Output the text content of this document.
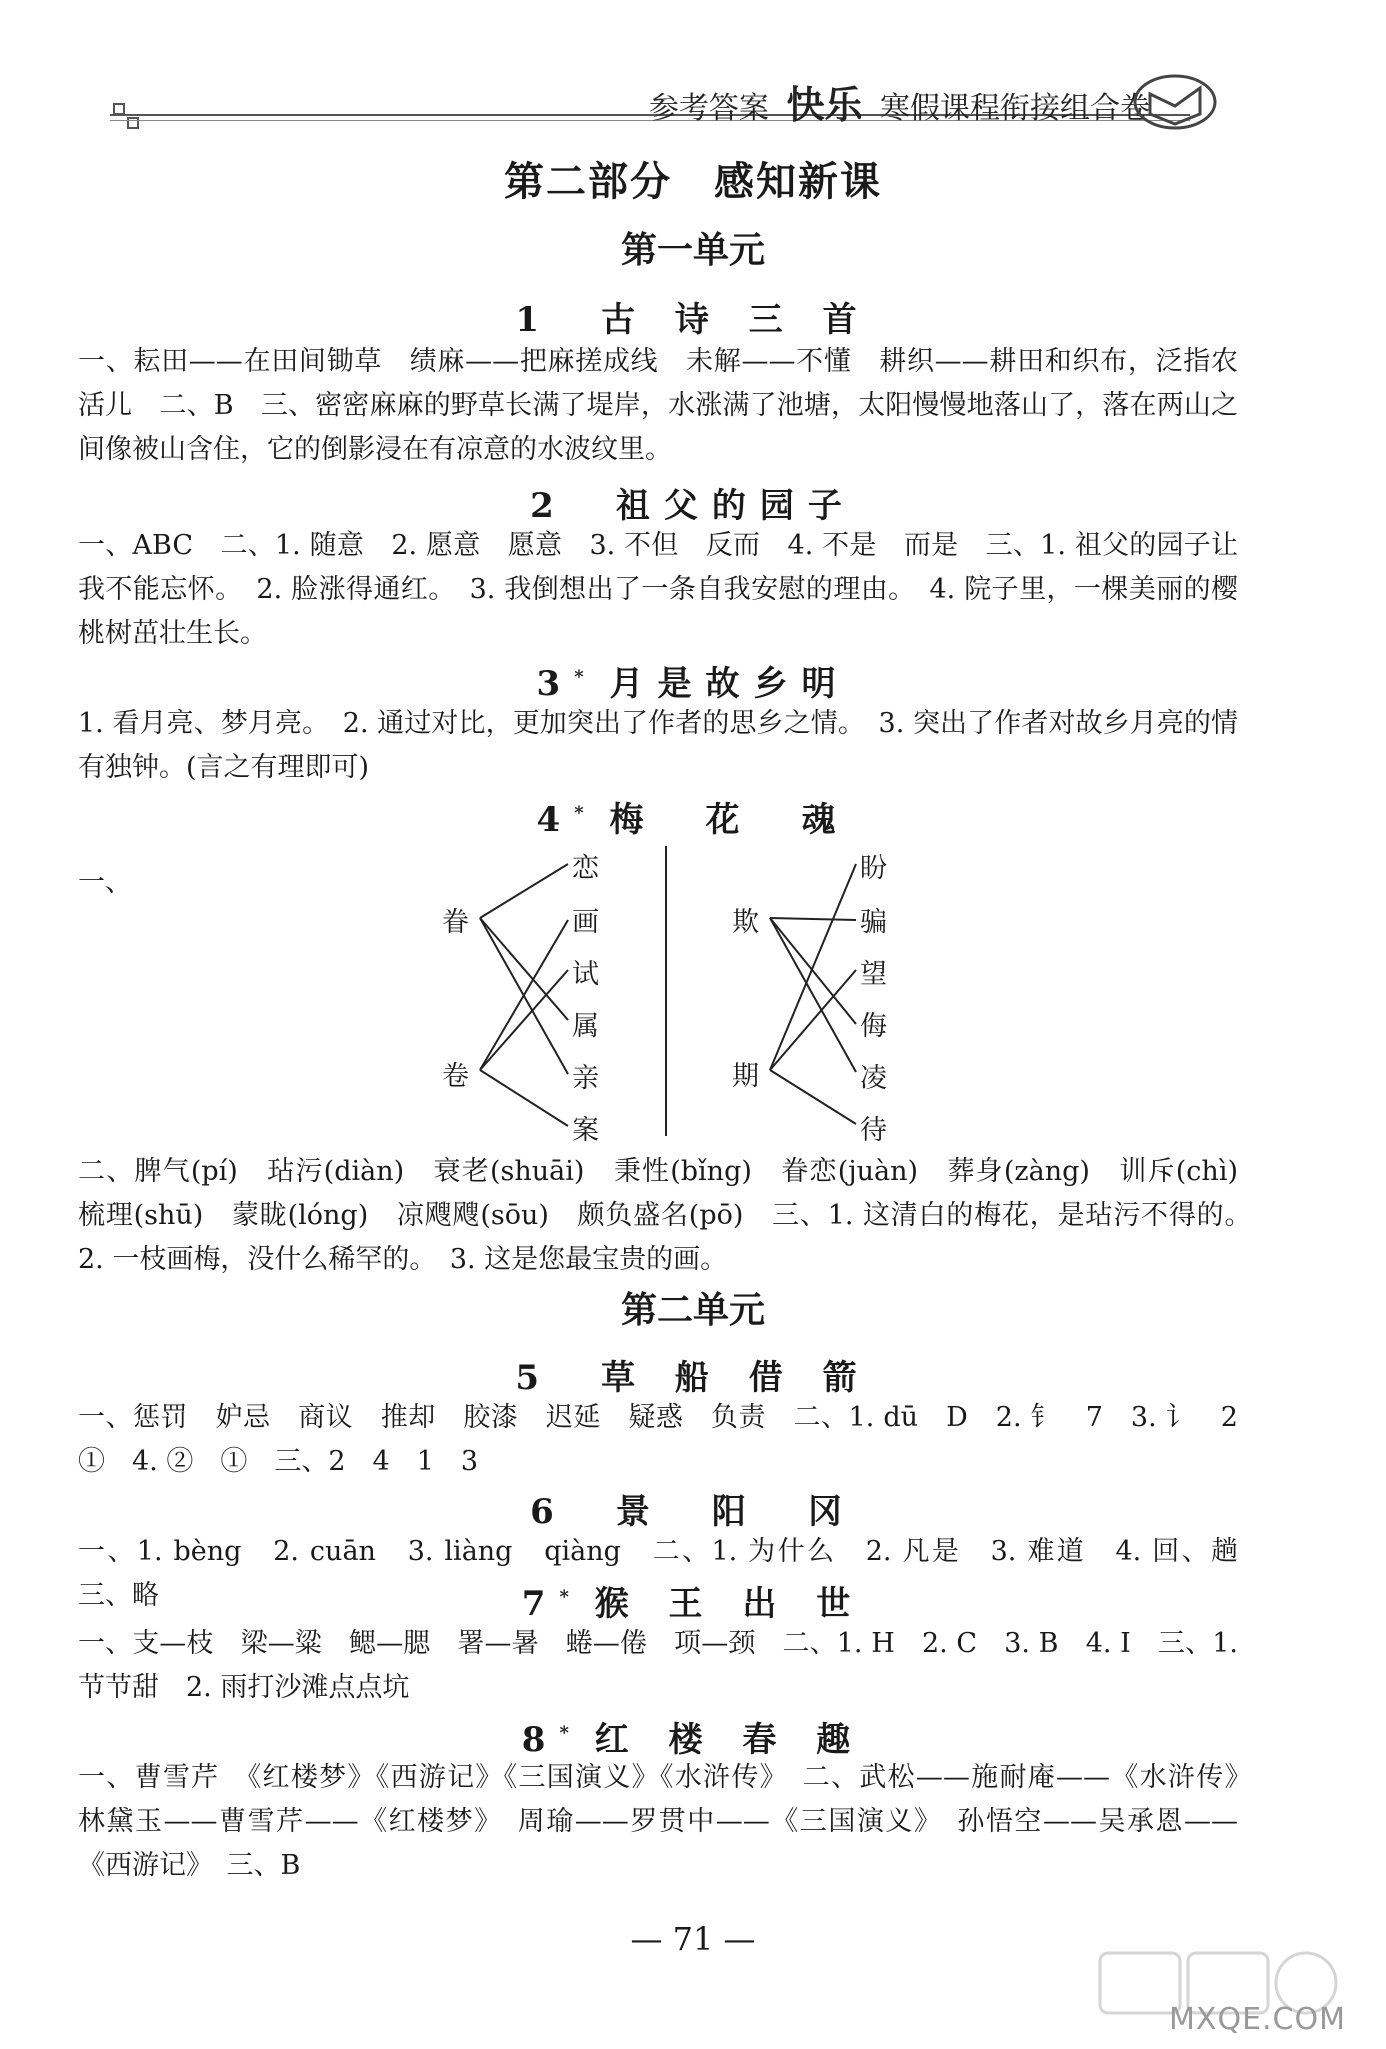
参考答案 快乐 寒假课程衔接组合卷
第二部分　感知新课
第一单元
1　古 诗 三 首
一、耘田——在田间锄草　绩麻——把麻搓成线　未解——不懂　耕织——耕田和织布，泛指农活儿　二、B　三、密密麻麻的野草长满了堤岸，水涨满了池塘，太阳慢慢地落山了，落在两山之间像被山含住，它的倒影浸在有凉意的水波纹里。
2　祖父的园子
一、ABC　二、1. 随意　2. 愿意　愿意　3. 不但　反而　4. 不是　而是　三、1. 祖父的园子让我不能忘怀。　2. 脸涨得通红。　3. 我倒想出了一条自我安慰的理由。　4. 院子里，一棵美丽的樱桃树茁壮生长。
3* 月是故乡明
1. 看月亮、梦月亮。　2. 通过对比，更加突出了作者的思乡之情。　3. 突出了作者对故乡月亮的情有独钟。(言之有理即可)
4* 梅　花　魂
一、
眷
卷
恋
画
试
属
亲
案
欺
期
盼
骗
望
侮
凌
待
二、脾气(pí)　玷污(diàn)　衰老(shuāi)　秉性(bǐng)　眷恋(juàn)　葬身(zàng)　训斥(chì)　梳理(shū)　蒙眬(lóng)　凉飕飕(sōu)　颇负盛名(pō)　三、1. 这清白的梅花，是玷污不得的。　2. 一枝画梅，没什么稀罕的。　3. 这是您最宝贵的画。
第二单元
5　草 船 借 箭
一、惩罚　妒忌　商议　推却　胶漆　迟延　疑惑　负责　二、1. dū　D　2. 钅　7　3. 讠　2　①　4. ②　①　三、2　4　1　3
6　景　阳　冈
一、1. bèng　2. cuān　3. liàng　qiàng　二、1. 为什么　2. 凡是　3. 难道　4. 回、趟　三、略	7* 猴 王 出 世
一、支—枝　梁—粱　鳃—腮　署—暑　蜷—倦　项—颈　二、1. H　2. C　3. B　4. I　三、1. 节节甜　2. 雨打沙滩点点坑
8* 红 楼 春 趣
一、曹雪芹　《红楼梦》《西游记》《三国演义》《水浒传》　二、武松——施耐庵——《水浒传》　林黛玉——曹雪芹——《红楼梦》　周瑜——罗贯中——《三国演义》　孙悟空——吴承恩——《西游记》　三、B
— 71 —
MXQE.COM
